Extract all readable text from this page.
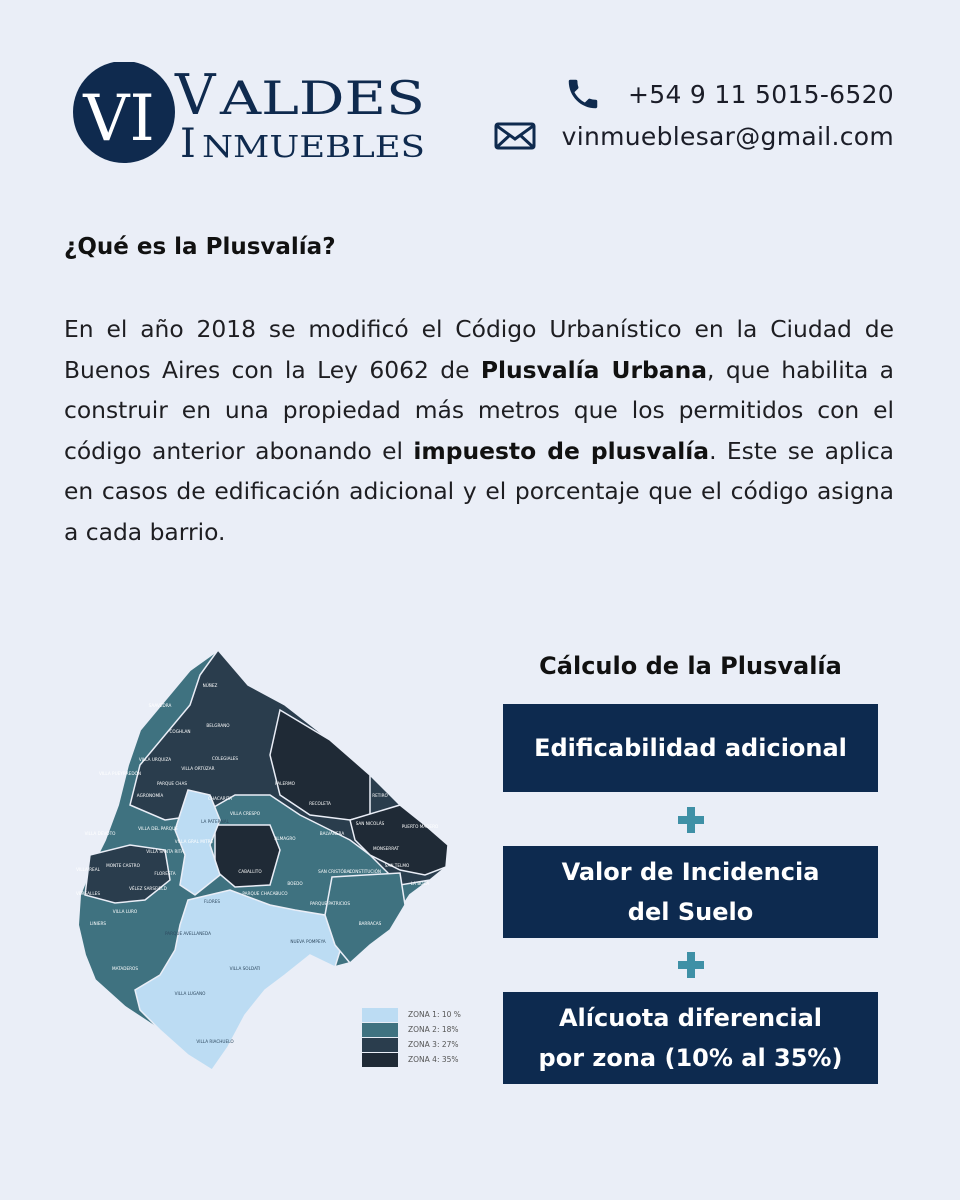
VI V ALDES
I NMUEBLES
+54 9 11 5015-6520
vinmueblesar@gmail.com
¿Qué es la Plusvalía?
En el año 2018 se modificó el Código Urbanístico en la Ciudad de Buenos Aires con la Ley 6062 de Plusvalía Urbana, que habilita a construir en una propiedad más metros que los permitidos con el código anterior abonando el impuesto de plusvalía. Este se aplica en casos de edificación adicional y el porcentaje que el código asigna a cada barrio.
NÚÑEZ
SAAVEDRA
COGHLAN
BELGRANO
VILLA URQUIZA	COLEGIALES
VILLA PUEYRREDÓN
PARQUE CHAS
VILLA ORTÚZAR
AGRONOMÍA
CHACARITA
PALERMO
RECOLETA
RETIRO
LA PATERNAL
VILLA CRESPO
VILLA DEVOTO
VILLA DEL PARQUE
VILLA SANTA RITA
VILLA GRAL MITRE
ALMAGRO
BALVANERA
SAN NICOLÁS
PUERTO MADERO
MONSERRAT
SAN TELMO
CABALLITO
BOEDO
SAN CRISTÓBAL
CONSTITUCIÓN
LA BOCA
VILLA REAL
MONTE CASTRO
FLORESTA
VÉLEZ SARSFIELD
VERSALLES
VILLA LURO
FLORES
PARQUE CHACABUCO
PARQUE PATRICIOS
BARRACAS
LINIERS
PARQUE AVELLANEDA
NUEVA POMPEYA
MATADEROS	VILLA SOLDATI
VILLA LUGANO
VILLA RIACHUELO
ZONA 1: 10 %
ZONA 2: 18%
ZONA 3: 27%
ZONA 4: 35%
Cálculo de la Plusvalía
Edificabilidad adicional
Valor de Incidencia
del Suelo
Alícuota diferencial
por zona (10% al 35%)
